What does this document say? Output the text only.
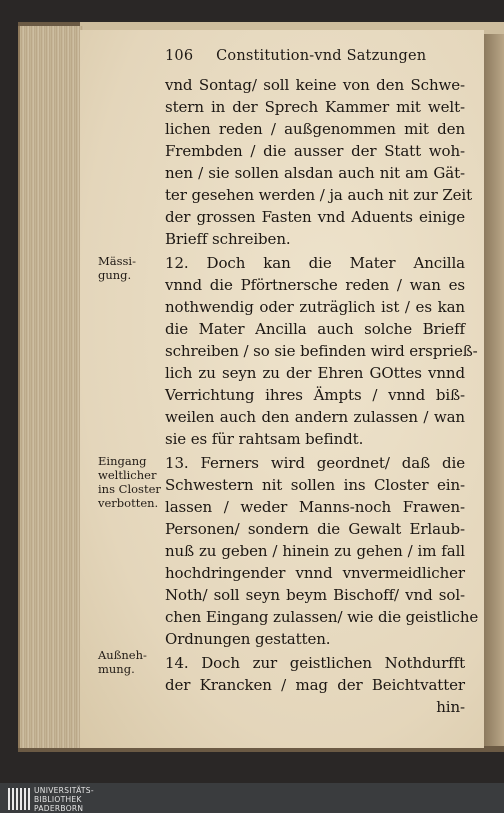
106 Constitution-vnd Satzungen
vnd Sontag/ soll keine von den Schwe-
stern in der Sprech Kammer mit welt-
lichen reden / außgenommen mit den
Frembden / die ausser der Statt woh-
nen / sie sollen alsdan auch nit am Gät-
ter gesehen werden / ja auch nit zur Zeit
der grossen Fasten vnd Aduents einige
Brieff schreiben.
12. Doch kan die Mater Ancilla
vnnd die Pförtnersche reden / wan es
nothwendig oder zuträglich ist / es kan
die Mater Ancilla auch solche Brieff
schreiben / so sie befinden wird ersprieß-
lich zu seyn zu der Ehren GOttes vnnd
Verrichtung ihres Ämpts / vnnd biß-
weilen auch den andern zulassen / wan
sie es für rahtsam befindt.
13. Ferners wird geordnet/ daß die
Schwestern nit sollen ins Closter ein-
lassen / weder Manns-noch Frawen-
Personen/ sondern die Gewalt Erlaub-
nuß zu geben / hinein zu gehen / im fall
hochdringender vnnd vnvermeidlicher
Noth/ soll seyn beym Bischoff/ vnd sol-
chen Eingang zulassen/ wie die geistliche
Ordnungen gestatten.
14. Doch zur geistlichen Nothdurfft
der Krancken / mag der Beichtvatter
hin-
Mässi-
gung.
Eingang
weltlicher
ins Closter
verbotten.
Außneh-
mung.
UNIVERSITÄTS-
BIBLIOTHEK
PADERBORN
